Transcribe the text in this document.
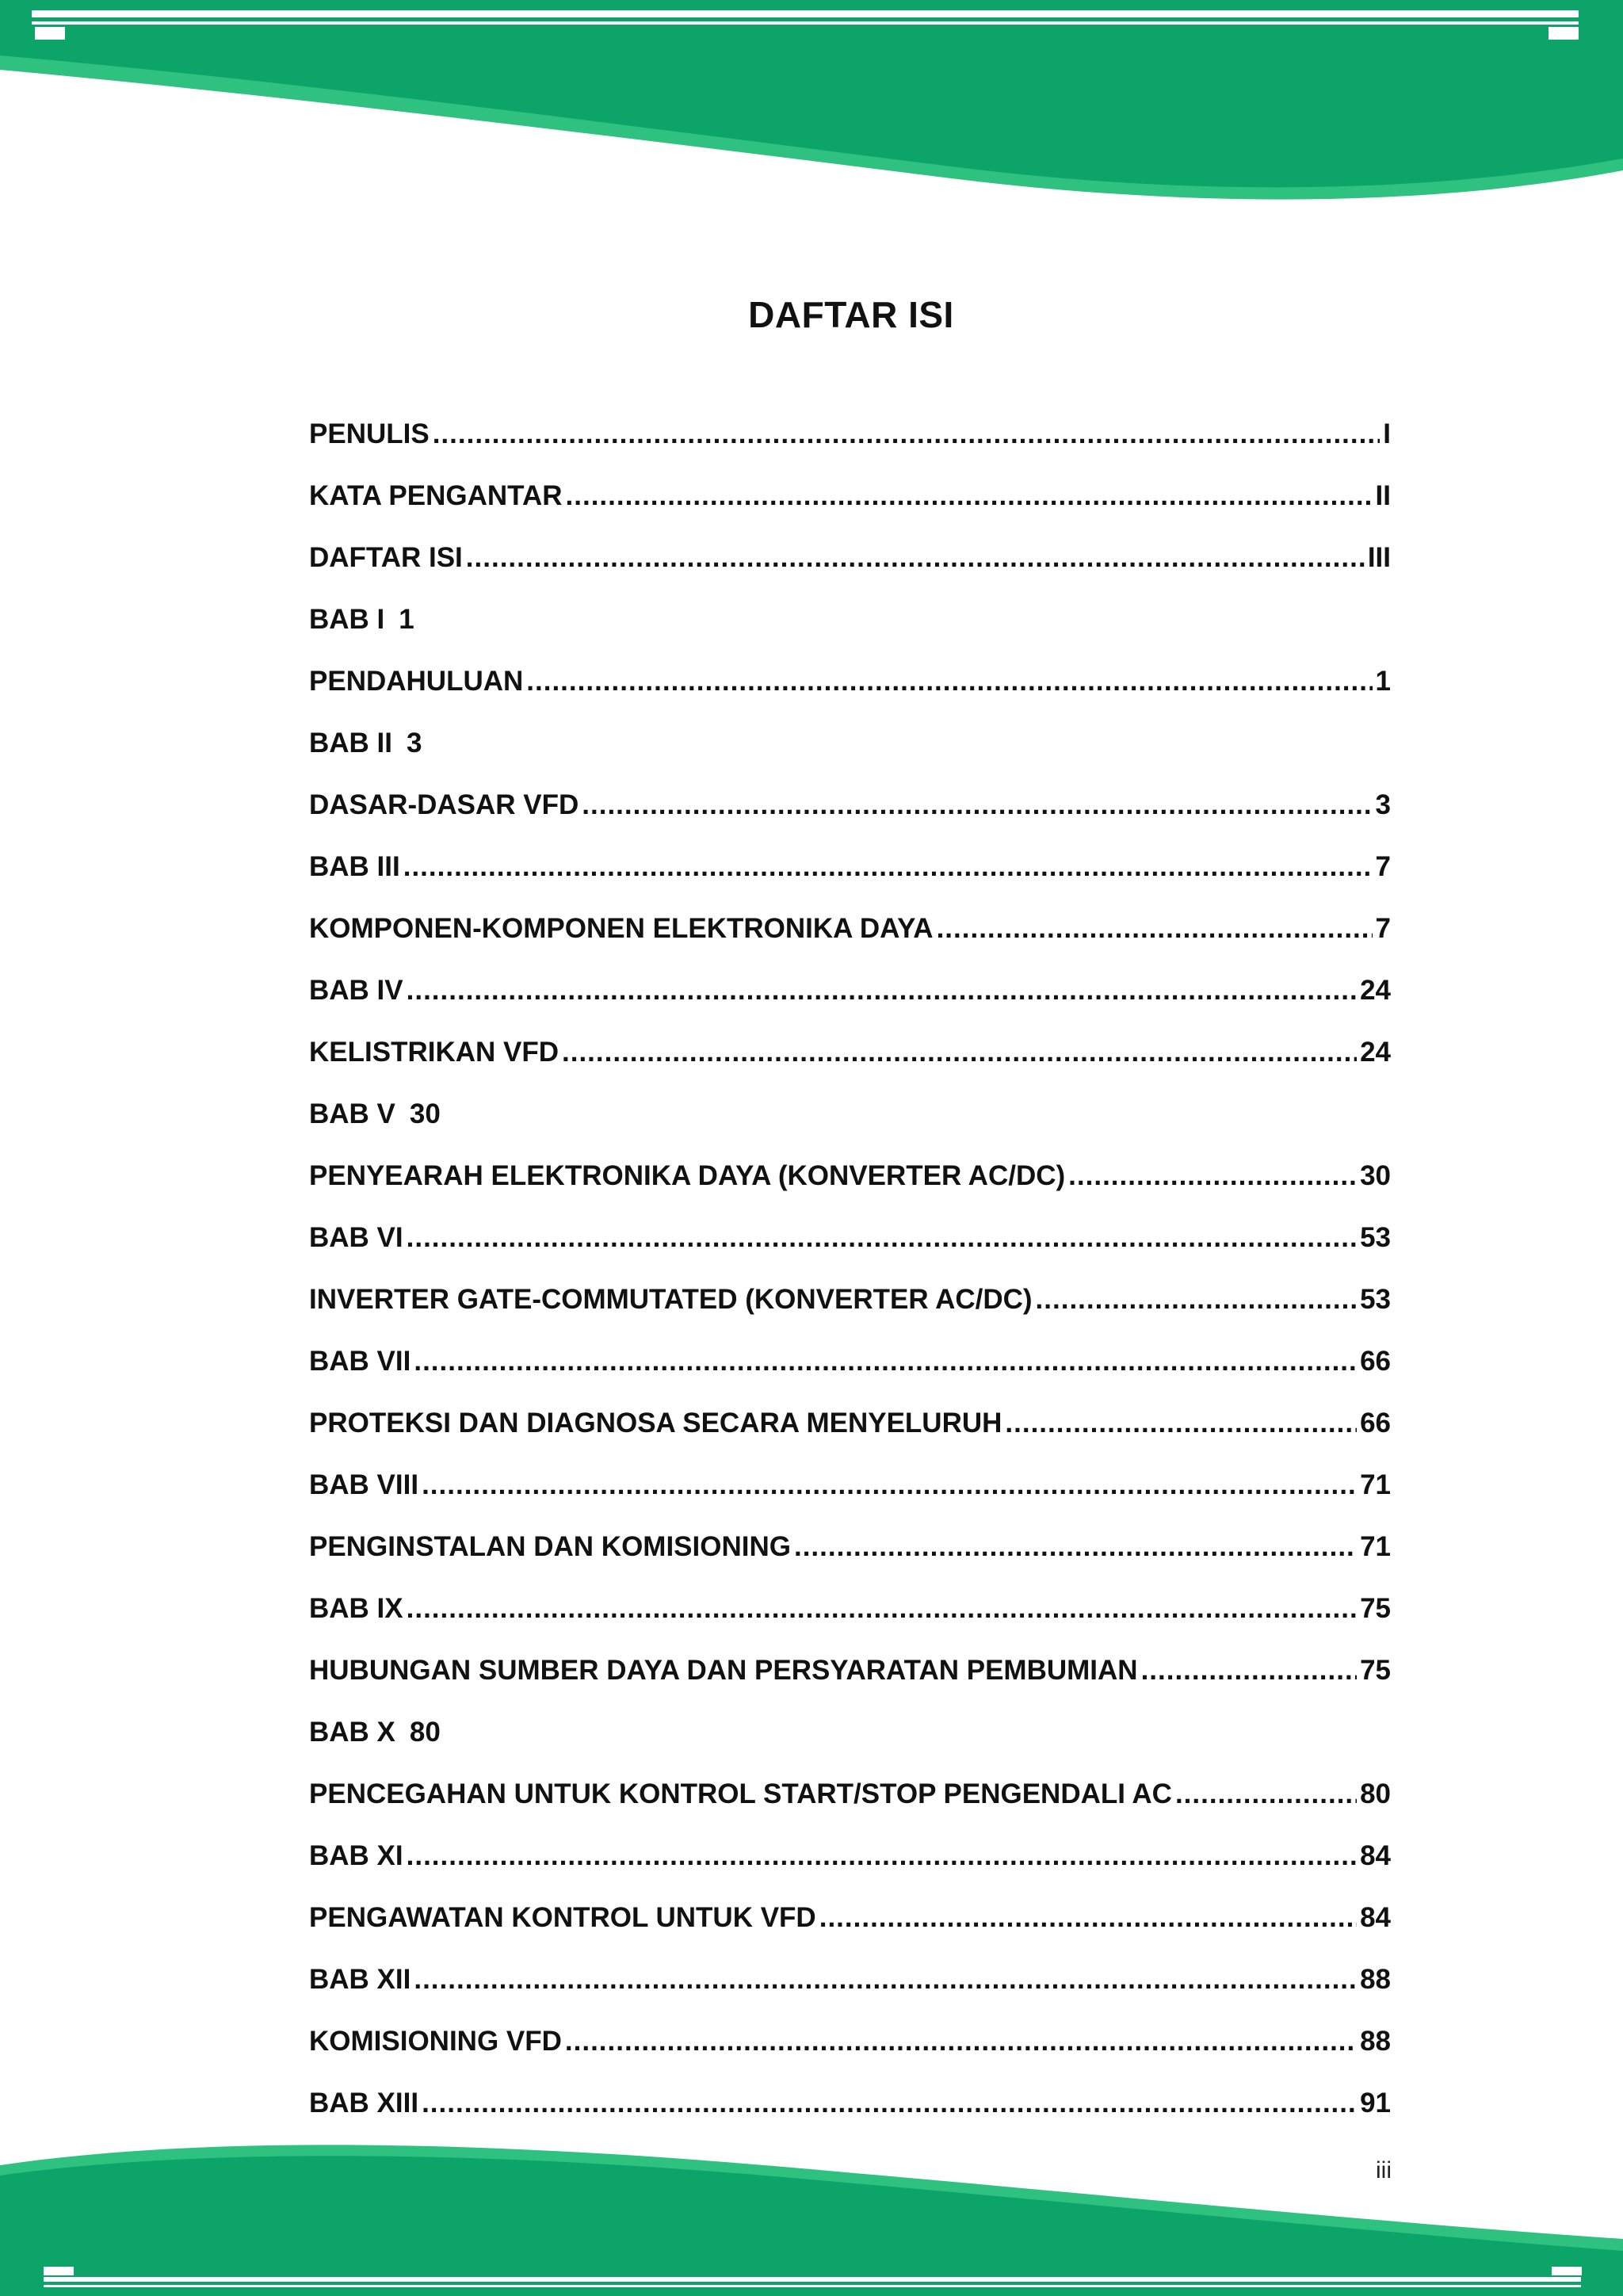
DAFTAR ISI
PENULIS .....	I
KATA PENGANTAR .....	II
DAFTAR ISI .....	III
BAB I 1
PENDAHULUAN .....	1
BAB II 3
DASAR-DASAR VFD .....	3
BAB III .....	7
KOMPONEN-KOMPONEN ELEKTRONIKA DAYA .....	7
BAB IV .....	24
KELISTRIKAN VFD .....	24
BAB V 30
PENYEARAH ELEKTRONIKA DAYA (KONVERTER AC/DC) .....	30
BAB VI .....	53
INVERTER GATE-COMMUTATED (KONVERTER AC/DC) .....	53
BAB VII .....	66
PROTEKSI DAN DIAGNOSA SECARA MENYELURUH .....	66
BAB VIII .....	71
PENGINSTALAN DAN KOMISIONING .....	71
BAB IX .....	75
HUBUNGAN SUMBER DAYA DAN PERSYARATAN PEMBUMIAN .....	75
BAB X 80
PENCEGAHAN UNTUK KONTROL START/STOP PENGENDALI AC .....	80
BAB XI .....	84
PENGAWATAN KONTROL UNTUK VFD .....	84
BAB XII .....	88
KOMISIONING VFD .....	88
BAB XIII .....	91
iii
